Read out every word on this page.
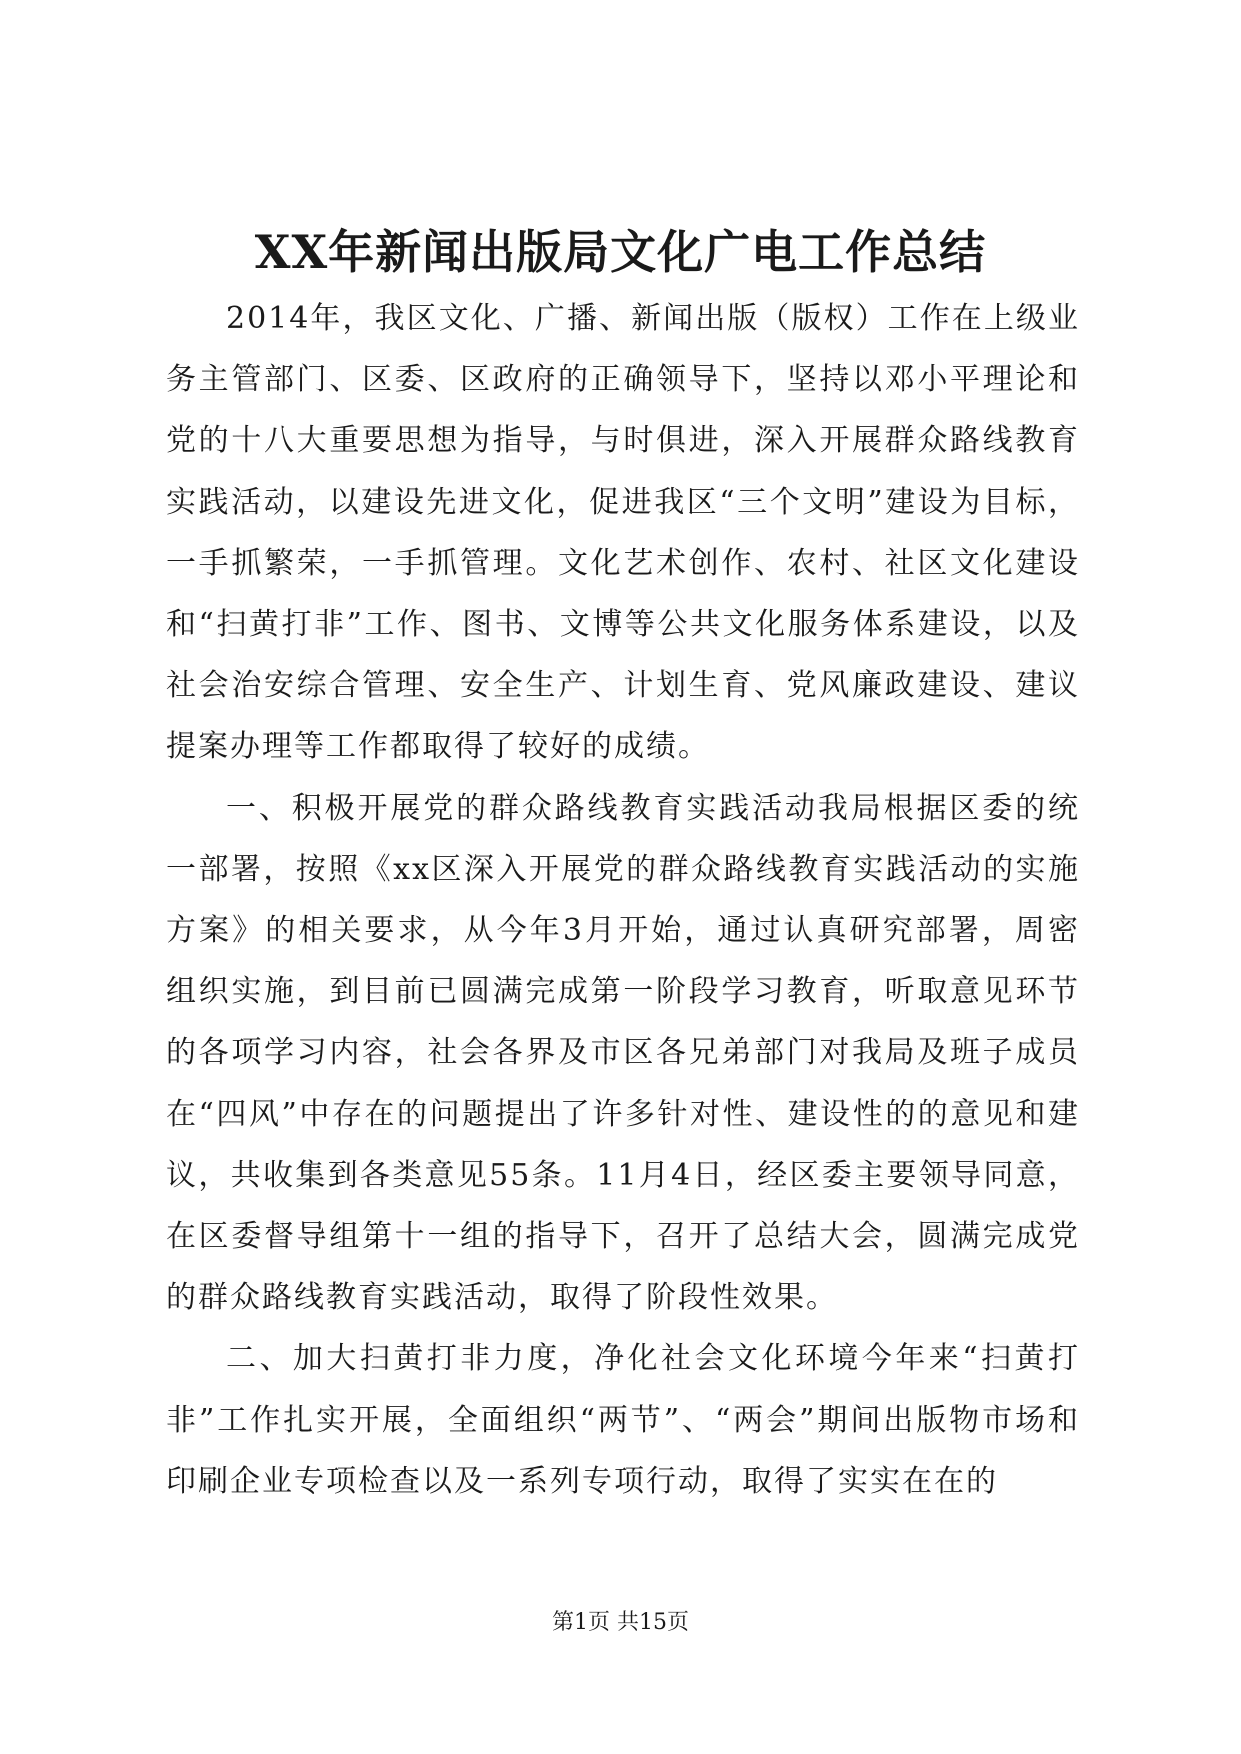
XX年新闻出版局文化广电工作总结

2014年，我区文化、广播、新闻出版（版权）工作在上级业务主管部门、区委、区政府的正确领导下，坚持以邓小平理论和党的十八大重要思想为指导，与时俱进，深入开展群众路线教育实践活动，以建设先进文化，促进我区“三个文明”建设为目标，一手抓繁荣，一手抓管理。文化艺术创作、农村、社区文化建设和“扫黄打非”工作、图书、文博等公共文化服务体系建设，以及社会治安综合管理、安全生产、计划生育、党风廉政建设、建议提案办理等工作都取得了较好的成绩。

一、积极开展党的群众路线教育实践活动我局根据区委的统一部署，按照《xx区深入开展党的群众路线教育实践活动的实施方案》的相关要求，从今年3月开始，通过认真研究部署，周密组织实施，到目前已圆满完成第一阶段学习教育，听取意见环节的各项学习内容，社会各界及市区各兄弟部门对我局及班子成员在“四风”中存在的问题提出了许多针对性、建设性的的意见和建议，共收集到各类意见55条。11月4日，经区委主要领导同意，在区委督导组第十一组的指导下，召开了总结大会，圆满完成党的群众路线教育实践活动，取得了阶段性效果。

二、加大扫黄打非力度，净化社会文化环境今年来“扫黄打非”工作扎实开展，全面组织“两节”、“两会”期间出版物市场和印刷企业专项检查以及一系列专项行动，取得了实实在在的

第1页 共15页
